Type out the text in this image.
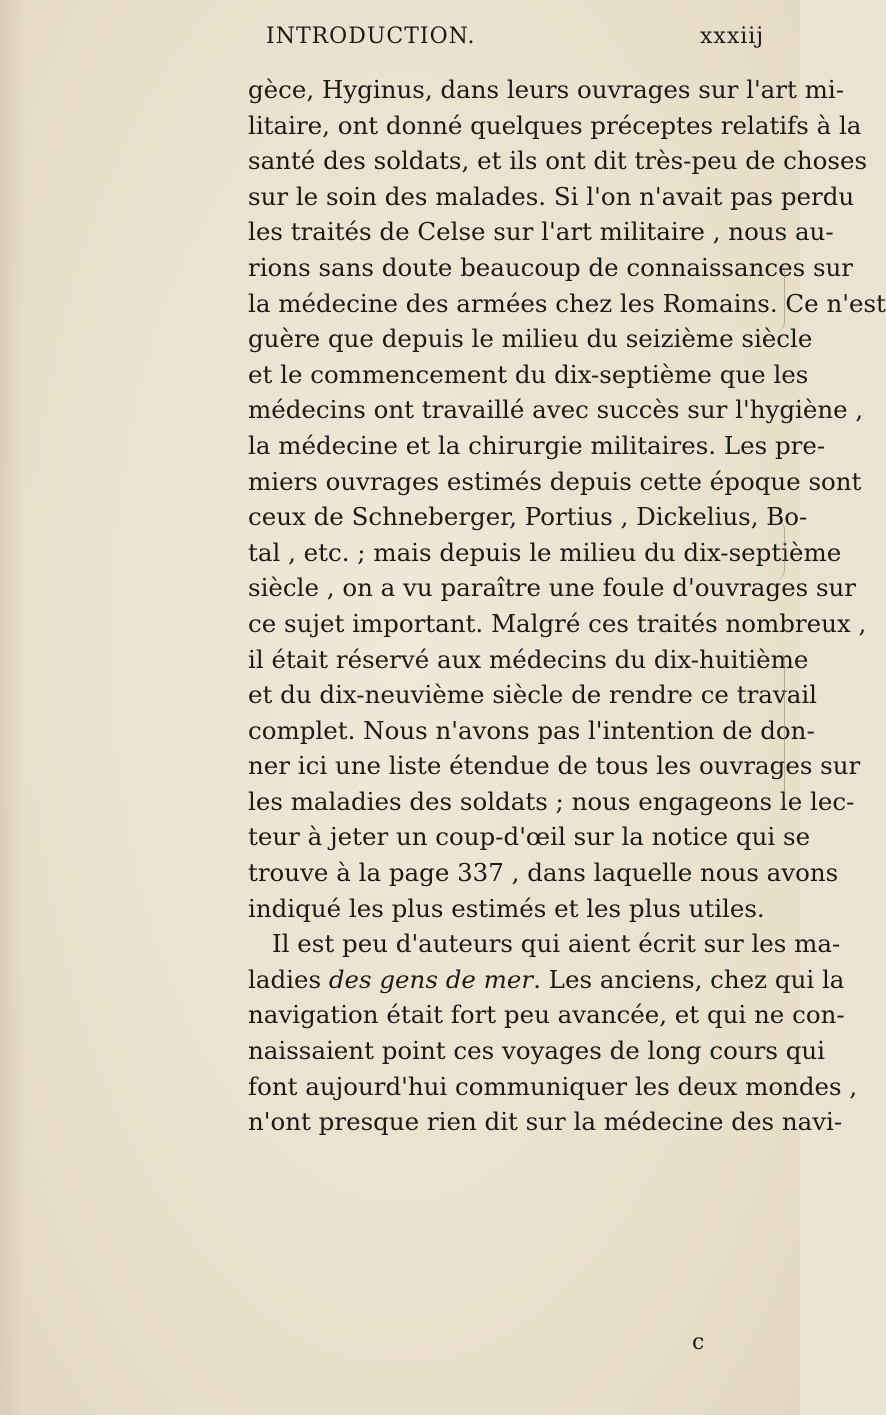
INTRODUCTION.	xxxiij
gèce, Hyginus, dans leurs ouvrages sur l'art mi-
litaire, ont donné quelques préceptes relatifs à la
santé des soldats, et ils ont dit très-peu de choses
sur le soin des malades. Si l'on n'avait pas perdu
les traités de Celse sur l'art militaire , nous au-
rions sans doute beaucoup de connaissances sur
la médecine des armées chez les Romains. Ce n'est
guère que depuis le milieu du seizième siècle
et le commencement du dix-septième que les
médecins ont travaillé avec succès sur l'hygiène ,
la médecine et la chirurgie militaires. Les pre-
miers ouvrages estimés depuis cette époque sont
ceux de Schneberger, Portius , Dickelius, Bo-
tal , etc. ; mais depuis le milieu du dix-septième
siècle , on a vu paraître une foule d'ouvrages sur
ce sujet important. Malgré ces traités nombreux ,
il était réservé aux médecins du dix-huitième
et du dix-neuvième siècle de rendre ce travail
complet. Nous n'avons pas l'intention de don-
ner ici une liste étendue de tous les ouvrages sur
les maladies des soldats ; nous engageons le lec-
teur à jeter un coup-d'œil sur la notice qui se
trouve à la page 337 , dans laquelle nous avons
indiqué les plus estimés et les plus utiles.
Il est peu d'auteurs qui aient écrit sur les ma-
ladies des gens de mer. Les anciens, chez qui la
navigation était fort peu avancée, et qui ne con-
naissaient point ces voyages de long cours qui
font aujourd'hui communiquer les deux mondes ,
n'ont presque rien dit sur la médecine des navi-
c
